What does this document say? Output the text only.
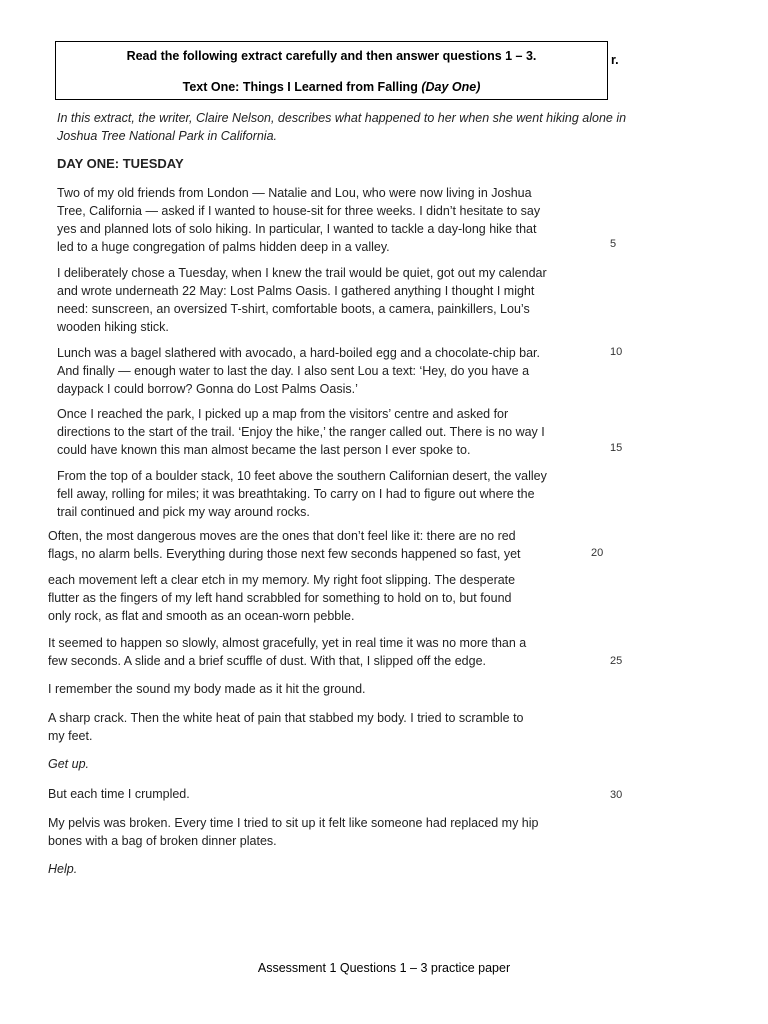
Read the following extract carefully and then answer questions 1 – 3.
Text One: Things I Learned from Falling (Day One)
r.
In this extract, the writer, Claire Nelson, describes what happened to her when she went hiking alone in
Joshua Tree National Park in California.
DAY ONE: TUESDAY
Two of my old friends from London — Natalie and Lou, who were now living in Joshua
Tree, California — asked if I wanted to house-sit for three weeks. I didn’t hesitate to say
yes and planned lots of solo hiking. In particular, I wanted to tackle a day-long hike that
led to a huge congregation of palms hidden deep in a valley.
I deliberately chose a Tuesday, when I knew the trail would be quiet, got out my calendar
and wrote underneath 22 May: Lost Palms Oasis. I gathered anything I thought I might
need: sunscreen, an oversized T-shirt, comfortable boots, a camera, painkillers, Lou’s
wooden hiking stick.
Lunch was a bagel slathered with avocado, a hard-boiled egg and a chocolate-chip bar.
And finally — enough water to last the day. I also sent Lou a text: ‘Hey, do you have a
daypack I could borrow? Gonna do Lost Palms Oasis.’
Once I reached the park, I picked up a map from the visitors’ centre and asked for
directions to the start of the trail. ‘Enjoy the hike,’ the ranger called out. There is no way I
could have known this man almost became the last person I ever spoke to.
From the top of a boulder stack, 10 feet above the southern Californian desert, the valley
fell away, rolling for miles; it was breathtaking. To carry on I had to figure out where the
trail continued and pick my way around rocks.
Often, the most dangerous moves are the ones that don’t feel like it: there are no red
flags, no alarm bells. Everything during those next few seconds happened so fast, yet
each movement left a clear etch in my memory. My right foot slipping. The desperate
flutter as the fingers of my left hand scrabbled for something to hold on to, but found
only rock, as flat and smooth as an ocean-worn pebble.
It seemed to happen so slowly, almost gracefully, yet in real time it was no more than a
few seconds. A slide and a brief scuffle of dust. With that, I slipped off the edge.
I remember the sound my body made as it hit the ground.
A sharp crack. Then the white heat of pain that stabbed my body. I tried to scramble to
my feet.
Get up.
But each time I crumpled.
My pelvis was broken. Every time I tried to sit up it felt like someone had replaced my hip
bones with a bag of broken dinner plates.
Help.
5
10
15
20
25
30
Assessment 1 Questions 1 – 3 practice paper
